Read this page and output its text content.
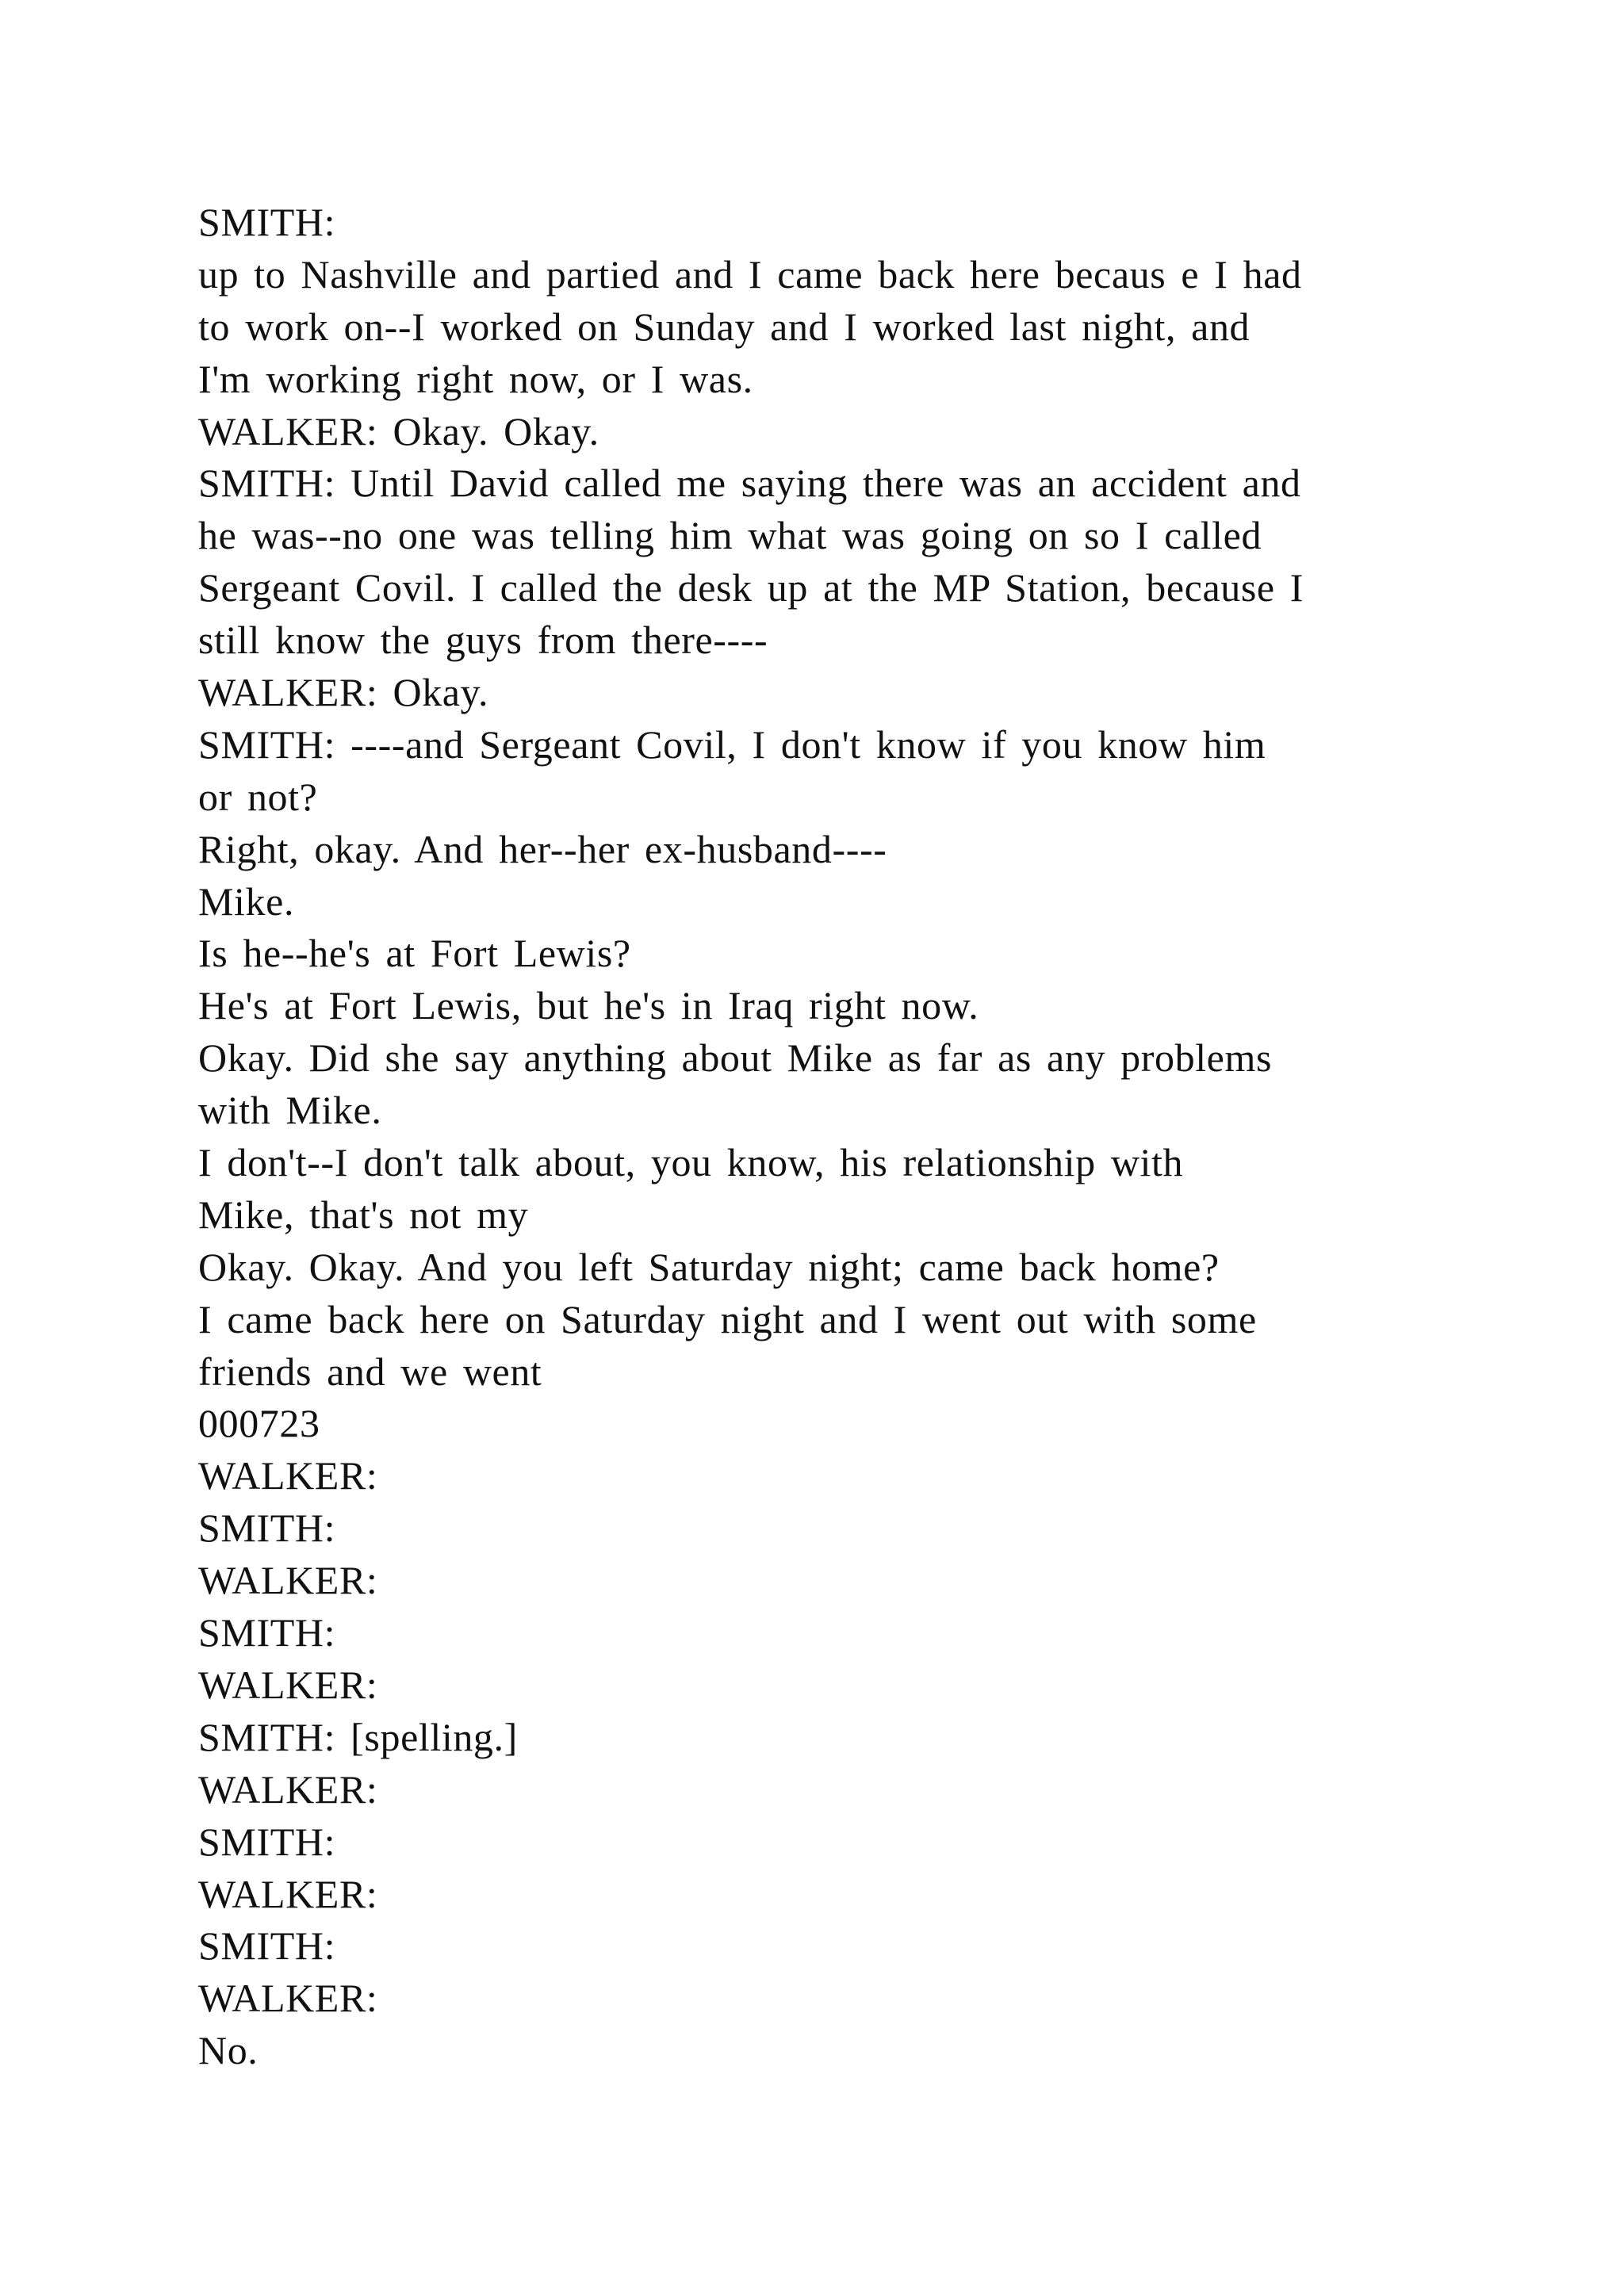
SMITH:
up to Nashville and partied and I came back here becaus e I had
to work on--I worked on Sunday and I worked last night, and
I'm working right now, or I was.
WALKER: Okay. Okay.
SMITH: Until David called me saying there was an accident and
he was--no one was telling him what was going on so I called
Sergeant Covil. I called the desk up at the MP Station, because I
still know the guys from there----
WALKER: Okay.
SMITH: ----and Sergeant Covil, I don't know if you know him
or not?
Right, okay. And her--her ex-husband----
Mike.
Is he--he's at Fort Lewis?
He's at Fort Lewis, but he's in Iraq right now.
Okay. Did she say anything about Mike as far as any problems
with Mike.
I don't--I don't talk about, you know, his relationship with
Mike, that's not my
Okay. Okay. And you left Saturday night; came back home?
I came back here on Saturday night and I went out with some
friends and we went
000723
WALKER:
SMITH:
WALKER:
SMITH:
WALKER:
SMITH: [spelling.]
WALKER:
SMITH:
WALKER:
SMITH:
WALKER:
No.
